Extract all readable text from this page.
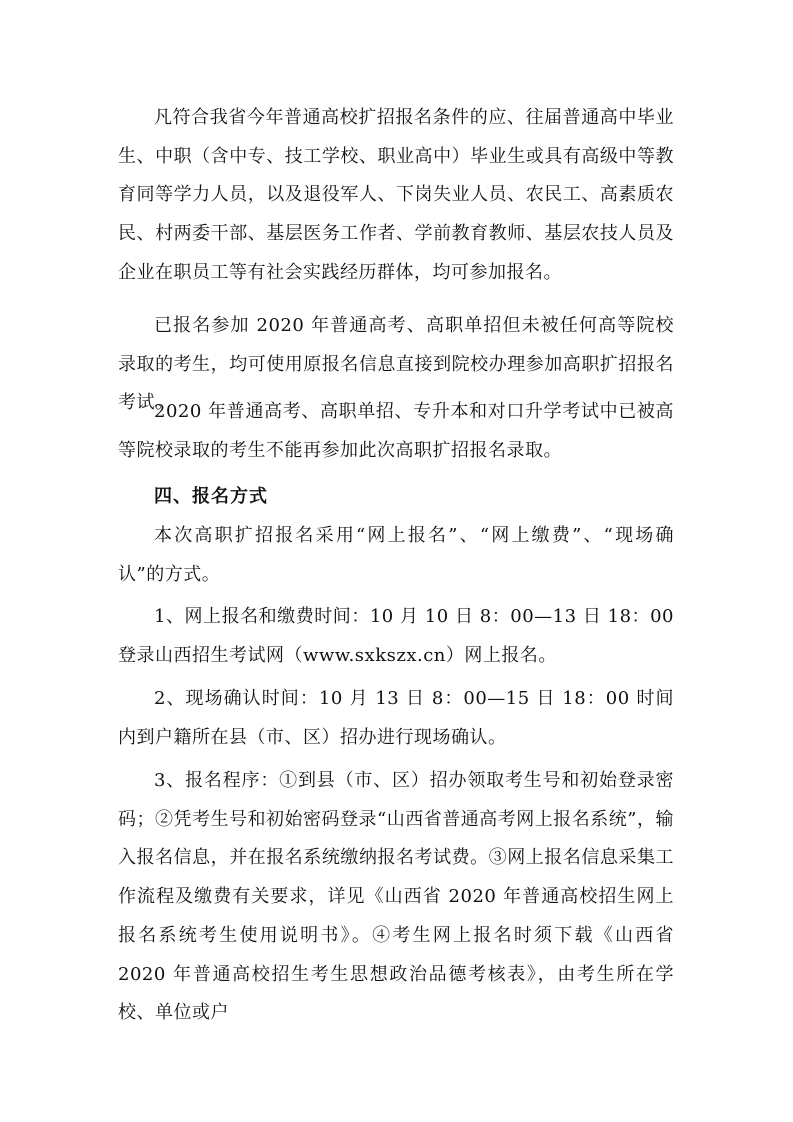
凡符合我省今年普通高校扩招报名条件的应、往届普通高中毕业生、中职（含中专、技工学校、职业高中）毕业生或具有高级中等教育同等学力人员，以及退役军人、下岗失业人员、农民工、高素质农民、村两委干部、基层医务工作者、学前教育教师、基层农技人员及企业在职员工等有社会实践经历群体，均可参加报名。

已报名参加 2020 年普通高考、高职单招但未被任何高等院校录取的考生，均可使用原报名信息直接到院校办理参加高职扩招报名考试。

2020 年普通高考、高职单招、专升本和对口升学考试中已被高等院校录取的考生不能再参加此次高职扩招报名录取。

四、报名方式

本次高职扩招报名采用“网上报名”、“网上缴费”、“现场确认”的方式。

1、网上报名和缴费时间：10 月 10 日 8：00—13 日 18：00 登录山西招生考试网（www.sxkszx.cn）网上报名。

2、现场确认时间：10 月 13 日 8：00—15 日 18：00 时间内到户籍所在县（市、区）招办进行现场确认。

3、报名程序：①到县（市、区）招办领取考生号和初始登录密码；②凭考生号和初始密码登录“山西省普通高考网上报名系统”，输入报名信息，并在报名系统缴纳报名考试费。③网上报名信息采集工作流程及缴费有关要求，详见《山西省 2020 年普通高校招生网上报名系统考生使用说明书》。④考生网上报名时须下载《山西省 2020 年普通高校招生考生思想政治品德考核表》，由考生所在学校、单位或户
